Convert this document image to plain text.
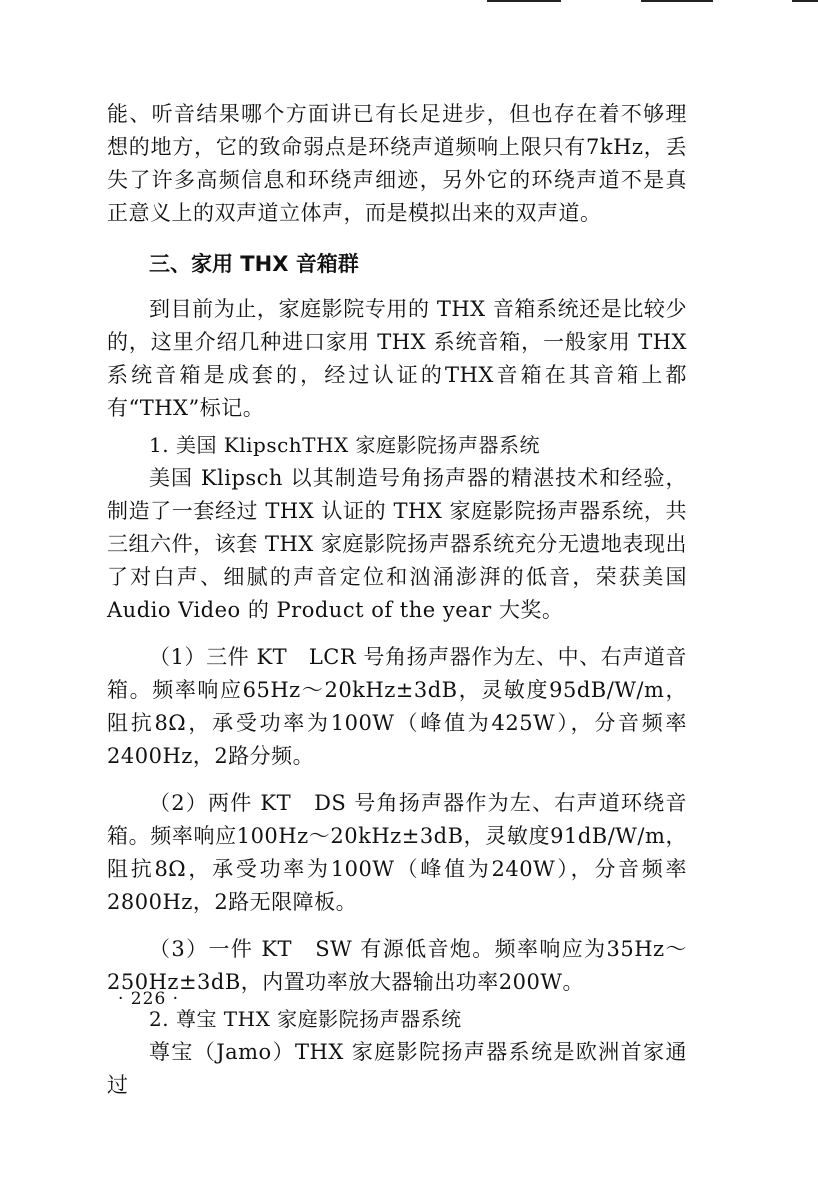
能、听音结果哪个方面讲已有长足进步，但也存在着不够理想的地方，它的致命弱点是环绕声道频响上限只有7kHz，丢失了许多高频信息和环绕声细迹，另外它的环绕声道不是真正意义上的双声道立体声，而是模拟出来的双声道。

三、家用 THX 音箱群

到目前为止，家庭影院专用的 THX 音箱系统还是比较少的，这里介绍几种进口家用 THX 系统音箱，一般家用 THX 系统音箱是成套的，经过认证的THX音箱在其音箱上都有“THX”标记。

1. 美国 KlipschTHX 家庭影院扬声器系统

美国 Klipsch 以其制造号角扬声器的精湛技术和经验，制造了一套经过 THX 认证的 THX 家庭影院扬声器系统，共三组六件，该套 THX 家庭影院扬声器系统充分无遗地表现出了对白声、细腻的声音定位和汹涌澎湃的低音，荣获美国 Audio Video 的 Product of the year 大奖。

（1）三件 KT　LCR 号角扬声器作为左、中、右声道音箱。频率响应65Hz～20kHz±3dB，灵敏度95dB/W/m，阻抗8Ω，承受功率为100W（峰值为425W），分音频率2400Hz，2路分频。

（2）两件 KT　DS 号角扬声器作为左、右声道环绕音箱。频率响应100Hz～20kHz±3dB，灵敏度91dB/W/m，阻抗8Ω，承受功率为100W（峰值为240W），分音频率2800Hz，2路无限障板。

（3）一件 KT　SW 有源低音炮。频率响应为35Hz～250Hz±3dB，内置功率放大器输出功率200W。

2. 尊宝 THX 家庭影院扬声器系统

尊宝（Jamo）THX 家庭影院扬声器系统是欧洲首家通过

· 226 ·
